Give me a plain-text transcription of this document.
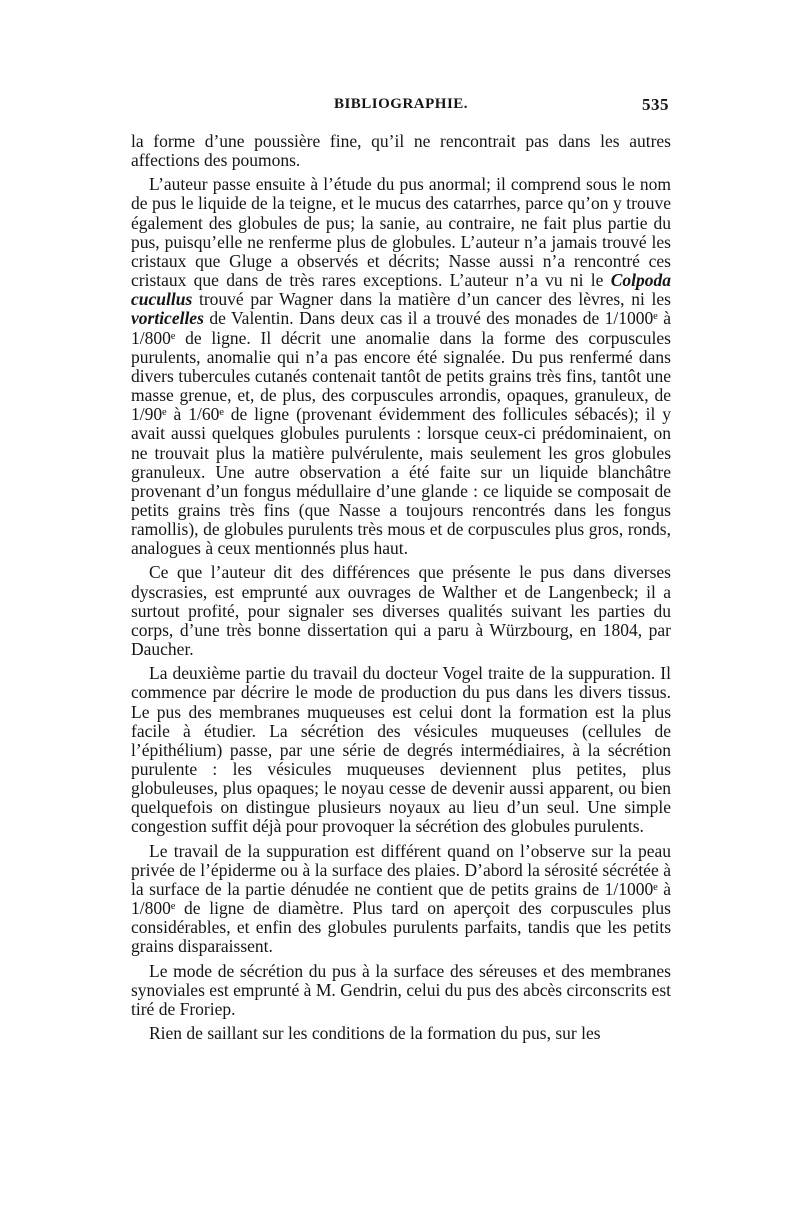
BIBLIOGRAPHIE.	535

la forme d’une poussière fine, qu’il ne rencontrait pas dans les autres affections des poumons.

L’auteur passe ensuite à l’étude du pus anormal; il comprend sous le nom de pus le liquide de la teigne, et le mucus des catarrhes, parce qu’on y trouve également des globules de pus; la sanie, au contraire, ne fait plus partie du pus, puisqu’elle ne renferme plus de globules. L’auteur n’a jamais trouvé les cristaux que Gluge a observés et décrits; Nasse aussi n’a rencontré ces cristaux que dans de très rares exceptions. L’auteur n’a vu ni le Colpoda cucullus trouvé par Wagner dans la matière d’un cancer des lèvres, ni les vorticelles de Valentin. Dans deux cas il a trouvé des monades de 1/1000ᵉ à 1/800ᵉ de ligne. Il décrit une anomalie dans la forme des corpuscules purulents, anomalie qui n’a pas encore été signalée. Du pus renfermé dans divers tubercules cutanés contenait tantôt de petits grains très fins, tantôt une masse grenue, et, de plus, des corpuscules arrondis, opaques, granuleux, de 1/90ᵉ à 1/60ᵉ de ligne (provenant évidemment des follicules sébacés); il y avait aussi quelques globules purulents : lorsque ceux-ci prédominaient, on ne trouvait plus la matière pulvérulente, mais seulement les gros globules granuleux. Une autre observation a été faite sur un liquide blanchâtre provenant d’un fongus médullaire d’une glande : ce liquide se composait de petits grains très fins (que Nasse a toujours rencontrés dans les fongus ramollis), de globules purulents très mous et de corpuscules plus gros, ronds, analogues à ceux mentionnés plus haut.

Ce que l’auteur dit des différences que présente le pus dans diverses dyscrasies, est emprunté aux ouvrages de Walther et de Langenbeck; il a surtout profité, pour signaler ses diverses qualités suivant les parties du corps, d’une très bonne dissertation qui a paru à Würzbourg, en 1804, par Daucher.

La deuxième partie du travail du docteur Vogel traite de la suppuration. Il commence par décrire le mode de production du pus dans les divers tissus. Le pus des membranes muqueuses est celui dont la formation est la plus facile à étudier. La sécrétion des vésicules muqueuses (cellules de l’épithélium) passe, par une série de degrés intermédiaires, à la sécrétion purulente : les vésicules muqueuses deviennent plus petites, plus globuleuses, plus opaques; le noyau cesse de devenir aussi apparent, ou bien quelquefois on distingue plusieurs noyaux au lieu d’un seul. Une simple congestion suffit déjà pour provoquer la sécrétion des globules purulents.

Le travail de la suppuration est différent quand on l’observe sur la peau privée de l’épiderme ou à la surface des plaies. D’abord la sérosité sécrétée à la surface de la partie dénudée ne contient que de petits grains de 1/1000ᵉ à 1/800ᵉ de ligne de diamètre. Plus tard on aperçoit des corpuscules plus considérables, et enfin des globules purulents parfaits, tandis que les petits grains disparaissent.

Le mode de sécrétion du pus à la surface des séreuses et des membranes synoviales est emprunté à M. Gendrin, celui du pus des abcès circonscrits est tiré de Froriep.

Rien de saillant sur les conditions de la formation du pus, sur les
